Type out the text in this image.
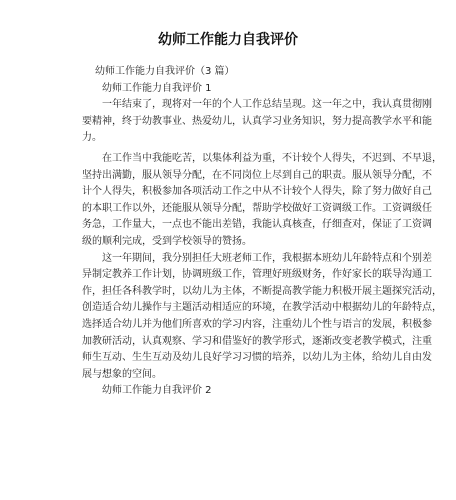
幼师工作能力自我评价
幼师工作能力自我评价（3 篇）
幼师工作能力自我评价 1
一年结束了，现将对一年的个人工作总结呈现。这一年之中，我认真贯彻刚
要精神，终于幼教事业、热爱幼儿，认真学习业务知识，努力提高教学水平和能
力。
在工作当中我能吃苦，以集体利益为重，不计较个人得失，不迟到、不早退，
坚持出满勤，服从领导分配，在不同岗位上尽到自己的职责。服从领导分配，不
计个人得失，积极参加各项活动工作之中从不计较个人得失，除了努力做好自己
的本职工作以外，还能服从领导分配，帮助学校做好工资调级工作。工资调级任
务急，工作量大，一点也不能出差错，我能认真核查，仔细查对，保证了工资调
级的顺利完成，受到学校领导的赞扬。
这一年期间，我分别担任大班老师工作，我根据本班幼儿年龄特点和个别差
异制定教养工作计划，协调班级工作，管理好班级财务，作好家长的联导沟通工
作，担任各科教学时，以幼儿为主体，不断提高教学能力积极开展主题探究活动，
创造适合幼儿操作与主题活动相适应的环境，在教学活动中根据幼儿的年龄特点，
选择适合幼儿并为他们所喜欢的学习内容，注重幼儿个性与语言的发展，积极参
加教研活动，认真观察、学习和借鉴好的教学形式，逐渐改变老教学模式，注重
师生互动、生生互动及幼儿良好学习习惯的培养，以幼儿为主体，给幼儿自由发
展与想象的空间。
幼师工作能力自我评价 2
